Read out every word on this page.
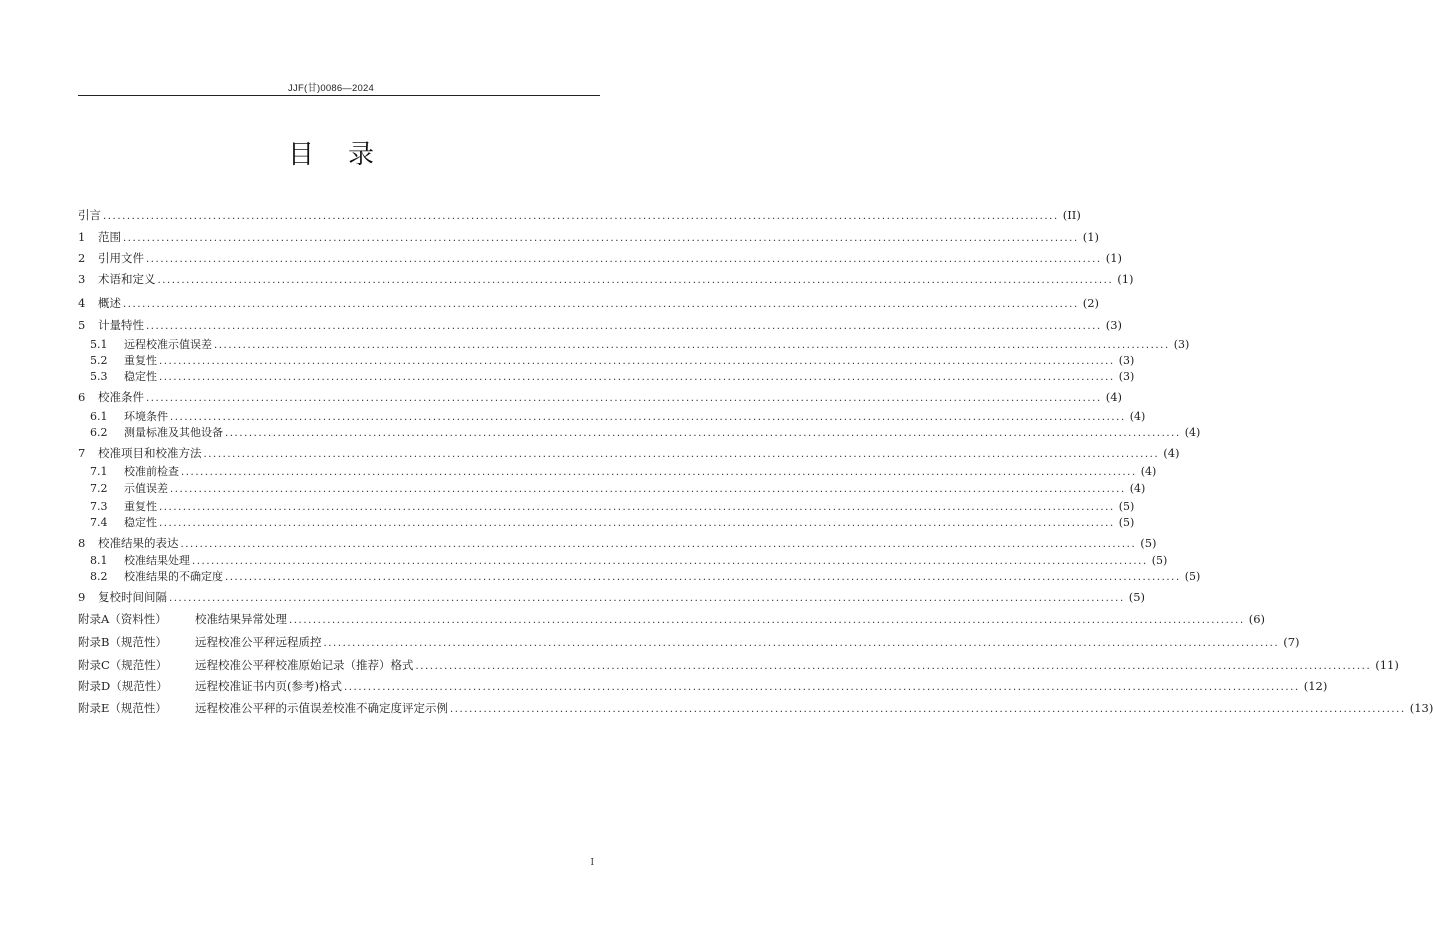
JJF(甘)0086—2024
目录
引言 ........................................................................................................................................................................................................ (II)
1 范围 ........................................................................................................................................................................................................ (1)
2 引用文件 ........................................................................................................................................................................................................ (1)
3 术语和定义 ........................................................................................................................................................................................................ (1)
4 概述 ........................................................................................................................................................................................................ (2)
5 计量特性 ........................................................................................................................................................................................................ (3)
5.1 远程校准示值误差 ........................................................................................................................................................................................................ (3)
5.2 重复性 ........................................................................................................................................................................................................ (3)
5.3 稳定性 ........................................................................................................................................................................................................ (3)
6 校准条件 ........................................................................................................................................................................................................ (4)
6.1 环境条件 ........................................................................................................................................................................................................ (4)
6.2 测量标准及其他设备 ........................................................................................................................................................................................................ (4)
7 校准项目和校准方法 ........................................................................................................................................................................................................ (4)
7.1 校准前检查 ........................................................................................................................................................................................................ (4)
7.2 示值误差 ........................................................................................................................................................................................................ (4)
7.3 重复性 ........................................................................................................................................................................................................ (5)
7.4 稳定性 ........................................................................................................................................................................................................ (5)
8 校准结果的表达 ........................................................................................................................................................................................................ (5)
8.1 校准结果处理 ........................................................................................................................................................................................................ (5)
8.2 校准结果的不确定度 ........................................................................................................................................................................................................ (5)
9 复校时间间隔 ........................................................................................................................................................................................................ (5)
附录A（资料性） 校准结果异常处理 ........................................................................................................................................................................................................ (6)
附录B（规范性） 远程校准公平秤远程质控 ........................................................................................................................................................................................................ (7)
附录C（规范性） 远程校准公平秤校准原始记录（推荐）格式 ........................................................................................................................................................................................................ (11)
附录D（规范性） 远程校准证书内页(参考)格式 ........................................................................................................................................................................................................ (12)
附录E（规范性） 远程校准公平秤的示值误差校准不确定度评定示例 ........................................................................................................................................................................................................ (13)
I
